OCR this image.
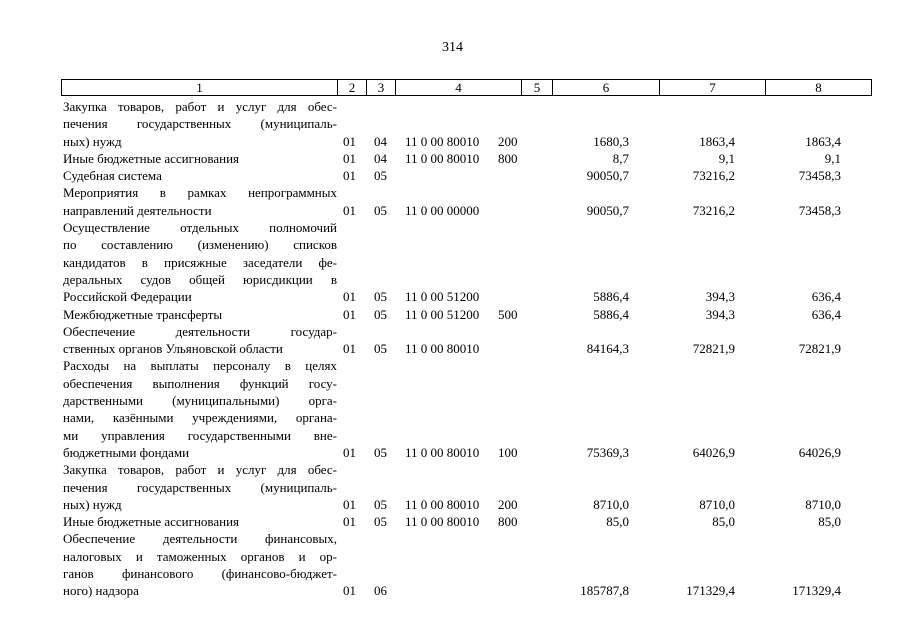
314
1	2	3	4	5	6	7	8
Закупка товаров, работ и услуг для обес-
печения государственных (муниципаль-
ных) нужд	01 04 11 0 00 80010 200	1680,3	1863,4	1863,4
Иные бюджетные ассигнования	01 04 11 0 00 80010 800	8,7	9,1	9,1
Судебная система	01 05	90050,7	73216,2	73458,3
Мероприятия в рамках непрограммных
направлений деятельности	01 05 11 0 00 00000	90050,7	73216,2	73458,3
Осуществление отдельных полномочий
по составлению (изменению) списков
кандидатов в присяжные заседатели фе-
деральных судов общей юрисдикции в
Российской Федерации	01 05 11 0 00 51200	5886,4	394,3	636,4
Межбюджетные трансферты	01 05 11 0 00 51200 500	5886,4	394,3	636,4
Обеспечение деятельности государ-
ственных органов Ульяновской области	01 05 11 0 00 80010	84164,3	72821,9	72821,9
Расходы на выплаты персоналу в целях
обеспечения выполнения функций госу-
дарственными (муниципальными) орга-
нами, казёнными учреждениями, органа-
ми управления государственными вне-
бюджетными фондами	01 05 11 0 00 80010 100	75369,3	64026,9	64026,9
Закупка товаров, работ и услуг для обес-
печения государственных (муниципаль-
ных) нужд	01 05 11 0 00 80010 200	8710,0	8710,0	8710,0
Иные бюджетные ассигнования	01 05 11 0 00 80010 800	85,0	85,0	85,0
Обеспечение деятельности финансовых,
налоговых и таможенных органов и ор-
ганов финансового (финансово-бюджет-
ного) надзора	01 06	185787,8	171329,4	171329,4
